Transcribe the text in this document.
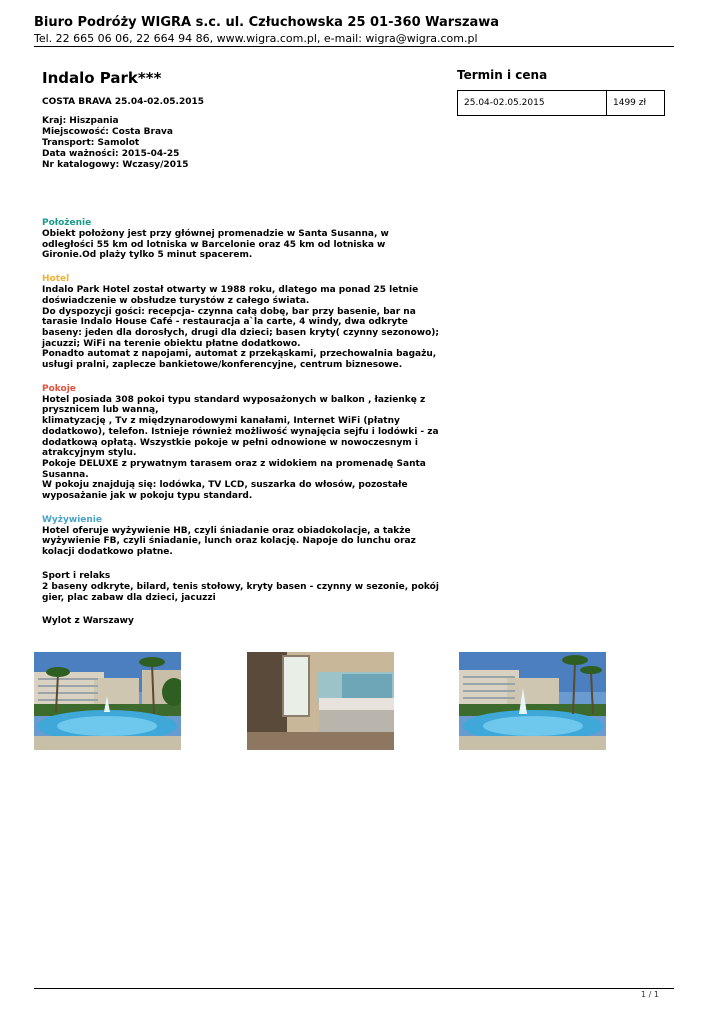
Biuro Podróży WIGRA s.c. ul. Człuchowska 25 01-360 Warszawa
Tel. 22 665 06 06, 22 664 94 86, www.wigra.com.pl, e-mail: wigra@wigra.com.pl
Indalo Park***
COSTA BRAVA 25.04-02.05.2015
Kraj: Hiszpania
Miejscowość: Costa Brava
Transport: Samolot
Data ważności: 2015-04-25
Nr katalogowy: Wczasy/2015
Położenie
Obiekt położony jest przy głównej promenadzie w Santa Susanna, w odległości 55 km od lotniska w Barcelonie oraz 45 km od lotniska w Gironie.Od plaży tylko 5 minut spacerem.
Hotel
Indalo Park Hotel został otwarty w 1988 roku, dlatego ma ponad 25 letnie doświadczenie w obsłudze turystów z całego świata.
Do dyspozycji gości: recepcja- czynna całą dobę, bar przy basenie, bar na tarasie Indalo House Café - restauracja a`la carte, 4 windy, dwa odkryte baseny: jeden dla dorosłych, drugi dla dzieci; basen kryty( czynny sezonowo); jacuzzi; WiFi na terenie obiektu płatne dodatkowo.
Ponadto automat z napojami, automat z przekąskami, przechowalnia bagażu, usługi pralni, zaplecze bankietowe/konferencyjne, centrum biznesowe.
Pokoje
Hotel posiada 308 pokoi typu standard wyposażonych w balkon , łazienkę z prysznicem lub wanną,
klimatyzację , Tv z międzynarodowymi kanałami, Internet WiFi (płatny dodatkowo), telefon. Istnieje również możliwość wynajęcia sejfu i lodówki - za dodatkową opłatą. Wszystkie pokoje w pełni odnowione w nowoczesnym i atrakcyjnym stylu.
Pokoje DELUXE z prywatnym tarasem oraz z widokiem na promenadę Santa Susanna.
W pokoju znajdują się: lodówka, TV LCD, suszarka do włosów, pozostałe wyposażanie jak w pokoju typu standard.
Wyżywienie
Hotel oferuje wyżywienie HB, czyli śniadanie oraz obiadokolacje, a także wyżywienie FB, czyli śniadanie, lunch oraz kolację. Napoje do lunchu oraz kolacji dodatkowo płatne.
Sport i relaks
2 baseny odkryte, bilard, tenis stołowy, kryty basen - czynny w sezonie, pokój gier, plac zabaw dla dzieci, jacuzzi
Wylot z Warszawy
Termin i cena
25.04-02.05.2015	1499 zł
1 / 1
